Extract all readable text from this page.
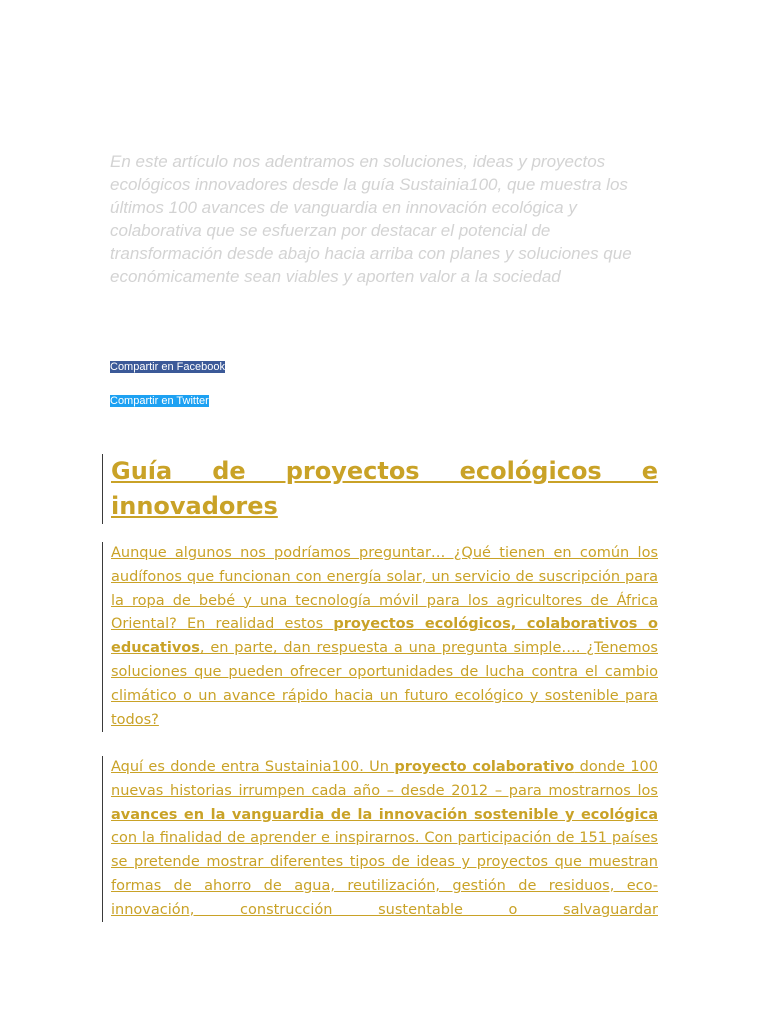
En este artículo nos adentramos en soluciones, ideas y proyectos ecológicos innovadores desde la guía Sustainia100, que muestra los últimos 100 avances de vanguardia en innovación ecológica y colaborativa que se esfuerzan por destacar el potencial de transformación desde abajo hacia arriba con planes y soluciones que económicamente sean viables y aporten valor a la sociedad

Compartir en Facebook
Compartir en Twitter
Guía de proyectos ecológicos e innovadores

Aunque algunos nos podríamos preguntar… ¿Qué tienen en común los audífonos que funcionan con energía solar, un servicio de suscripción para la ropa de bebé y una tecnología móvil para los agricultores de África Oriental? En realidad estos proyectos ecológicos, colaborativos o educativos, en parte, dan respuesta a una pregunta simple…. ¿Tenemos soluciones que pueden ofrecer oportunidades de lucha contra el cambio climático o un avance rápido hacia un futuro ecológico y sostenible para todos?

Aquí es donde entra Sustainia100. Un proyecto colaborativo donde 100 nuevas historias irrumpen cada año – desde 2012 – para mostrarnos los avances en la vanguardia de la innovación sostenible y ecológica con la finalidad de aprender e inspirarnos. Con participación de 151 países se pretende mostrar diferentes tipos de ideas y proyectos que muestran formas de ahorro de agua, reutilización, gestión de residuos, eco-innovación, construcción sustentable o salvaguardar
